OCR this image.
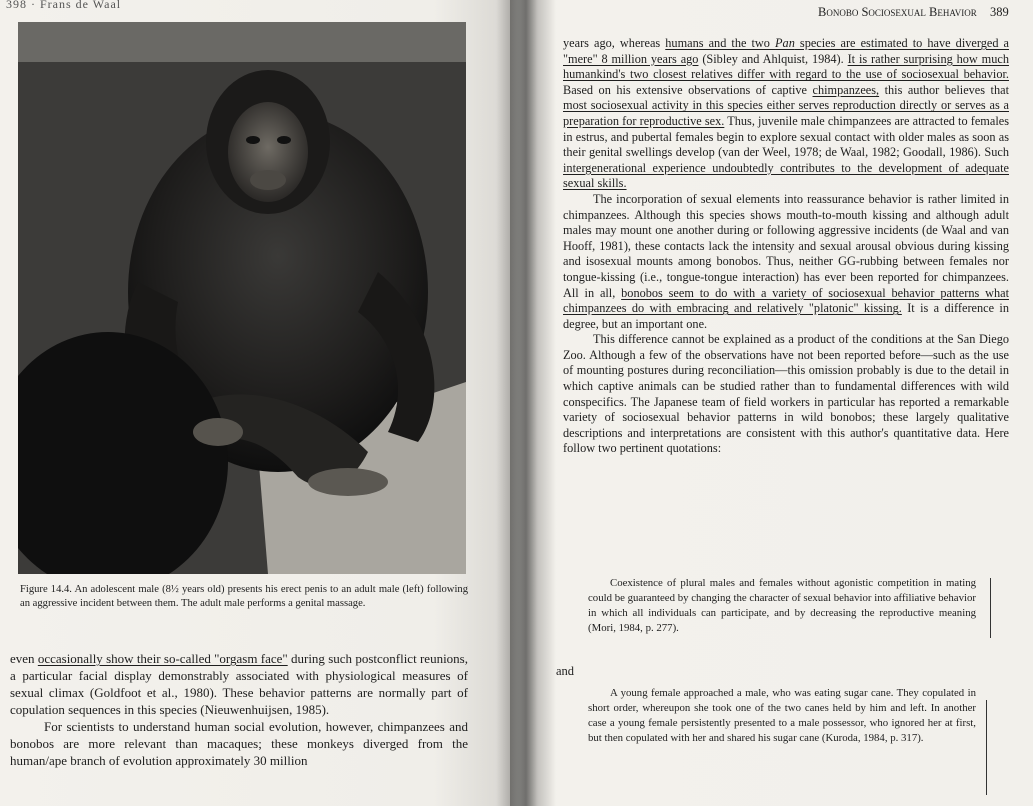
398 · Frans de Waal
Bonobo Sociosexual Behavior 389

Figure 14.4. An adolescent male (8½ years old) presents his erect penis to an adult male (left) following an aggressive incident between them. The adult male performs a genital massage.

even occasionally show their so-called "orgasm face" during such postconflict reunions, a particular facial display demonstrably associated with physiological measures of sexual climax (Goldfoot et al., 1980). These behavior patterns are normally part of copulation sequences in this species (Nieuwenhuijsen, 1985).

For scientists to understand human social evolution, however, chimpanzees and bonobos are more relevant than macaques; these monkeys diverged from the human/ape branch of evolution approximately 30 million

years ago, whereas humans and the two Pan species are estimated to have diverged a "mere" 8 million years ago (Sibley and Ahlquist, 1984). It is rather surprising how much humankind's two closest relatives differ with regard to the use of sociosexual behavior. Based on his extensive observations of captive chimpanzees, this author believes that most sociosexual activity in this species either serves reproduction directly or serves as a preparation for reproductive sex. Thus, juvenile male chimpanzees are attracted to females in estrus, and pubertal females begin to explore sexual contact with older males as soon as their genital swellings develop (van der Weel, 1978; de Waal, 1982; Goodall, 1986). Such intergenerational experience undoubtedly contributes to the development of adequate sexual skills.

The incorporation of sexual elements into reassurance behavior is rather limited in chimpanzees. Although this species shows mouth-to-mouth kissing and although adult males may mount one another during or following aggressive incidents (de Waal and van Hooff, 1981), these contacts lack the intensity and sexual arousal obvious during kissing and isosexual mounts among bonobos. Thus, neither GG-rubbing between females nor tongue-kissing (i.e., tongue-tongue interaction) has ever been reported for chimpanzees. All in all, bonobos seem to do with a variety of sociosexual behavior patterns what chimpanzees do with embracing and relatively "platonic" kissing. It is a difference in degree, but an important one.

This difference cannot be explained as a product of the conditions at the San Diego Zoo. Although a few of the observations have not been reported before—such as the use of mounting postures during reconciliation—this omission probably is due to the detail in which captive animals can be studied rather than to fundamental differences with wild conspecifics. The Japanese team of field workers in particular has reported a remarkable variety of sociosexual behavior patterns in wild bonobos; these largely qualitative descriptions and interpretations are consistent with this author's quantitative data. Here follow two pertinent quotations:

Coexistence of plural males and females without agonistic competition in mating could be guaranteed by changing the character of sexual behavior into affiliative behavior in which all individuals can participate, and by decreasing the reproductive meaning (Mori, 1984, p. 277).

and

A young female approached a male, who was eating sugar cane. They copulated in short order, whereupon she took one of the two canes held by him and left. In another case a young female persistently presented to a male possessor, who ignored her at first, but then copulated with her and shared his sugar cane (Kuroda, 1984, p. 317).
